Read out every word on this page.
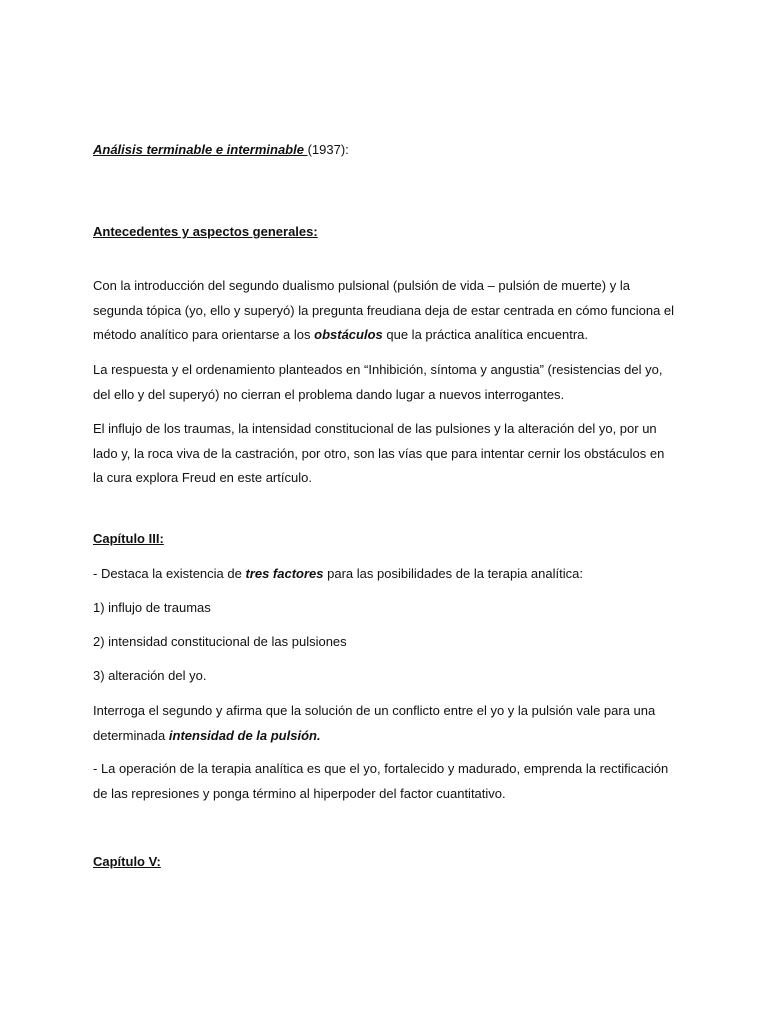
Análisis terminable e interminable (1937):

Antecedentes y aspectos generales:

Con la introducción del segundo dualismo pulsional (pulsión de vida – pulsión de muerte) y la segunda tópica (yo, ello y superyó) la pregunta freudiana deja de estar centrada en cómo funciona el método analítico para orientarse a los obstáculos que la práctica analítica encuentra.

La respuesta y el ordenamiento planteados en “Inhibición, síntoma y angustia” (resistencias del yo, del ello y del superyó) no cierran el problema dando lugar a nuevos interrogantes.

El influjo de los traumas, la intensidad constitucional de las pulsiones y la alteración del yo, por un lado y, la roca viva de la castración, por otro, son las vías que para intentar cernir los obstáculos en la cura explora Freud en este artículo.

Capítulo III:

- Destaca la existencia de tres factores para las posibilidades de la terapia analítica:

1) influjo de traumas

2) intensidad constitucional de las pulsiones

3) alteración del yo.

Interroga el segundo y afirma que la solución de un conflicto entre el yo y la pulsión vale para una determinada intensidad de la pulsión.

- La operación de la terapia analítica es que el yo, fortalecido y madurado, emprenda la rectificación de las represiones y ponga término al hiperpoder del factor cuantitativo.

Capítulo V:
